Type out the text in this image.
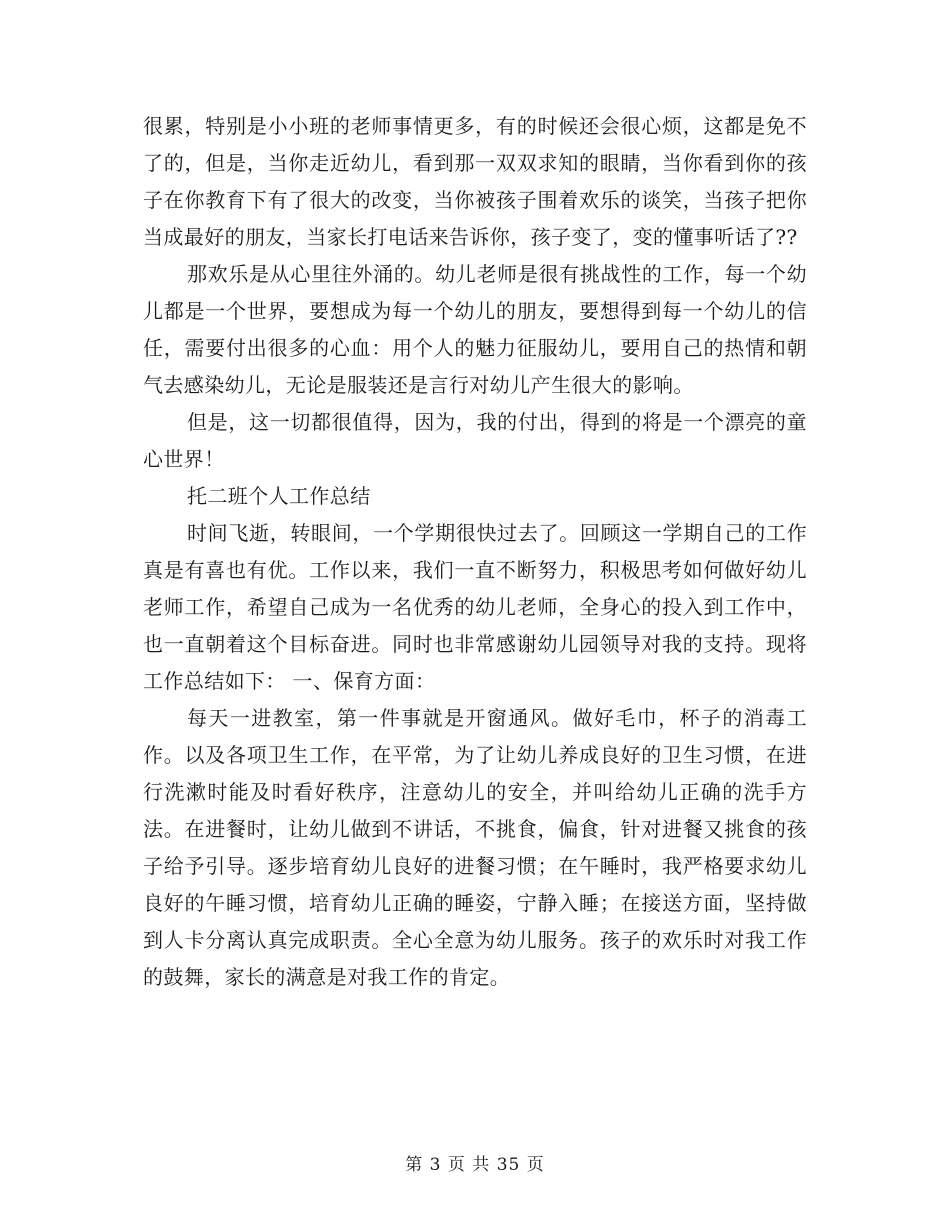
很累，特别是小小班的老师事情更多，有的时候还会很心烦，这都是免不了的，但是，当你走近幼儿，看到那一双双求知的眼睛，当你看到你的孩子在你教育下有了很大的改变，当你被孩子围着欢乐的谈笑，当孩子把你当成最好的朋友，当家长打电话来告诉你，孩子变了，变的懂事听话了??

那欢乐是从心里往外涌的。幼儿老师是很有挑战性的工作，每一个幼儿都是一个世界，要想成为每一个幼儿的朋友，要想得到每一个幼儿的信任，需要付出很多的心血：用个人的魅力征服幼儿，要用自己的热情和朝气去感染幼儿，无论是服装还是言行对幼儿产生很大的影响。

但是，这一切都很值得，因为，我的付出，得到的将是一个漂亮的童心世界！

托二班个人工作总结

时间飞逝，转眼间，一个学期很快过去了。回顾这一学期自己的工作真是有喜也有优。工作以来，我们一直不断努力，积极思考如何做好幼儿老师工作，希望自己成为一名优秀的幼儿老师，全身心的投入到工作中，也一直朝着这个目标奋进。同时也非常感谢幼儿园领导对我的支持。现将工作总结如下： 一、保育方面：

每天一进教室，第一件事就是开窗通风。做好毛巾，杯子的消毒工作。以及各项卫生工作，在平常，为了让幼儿养成良好的卫生习惯，在进行洗漱时能及时看好秩序，注意幼儿的安全，并叫给幼儿正确的洗手方法。在进餐时，让幼儿做到不讲话，不挑食，偏食，针对进餐又挑食的孩子给予引导。逐步培育幼儿良好的进餐习惯；在午睡时，我严格要求幼儿良好的午睡习惯，培育幼儿正确的睡姿，宁静入睡；在接送方面，坚持做到人卡分离认真完成职责。全心全意为幼儿服务。孩子的欢乐时对我工作的鼓舞，家长的满意是对我工作的肯定。

第 3 页 共 35 页
